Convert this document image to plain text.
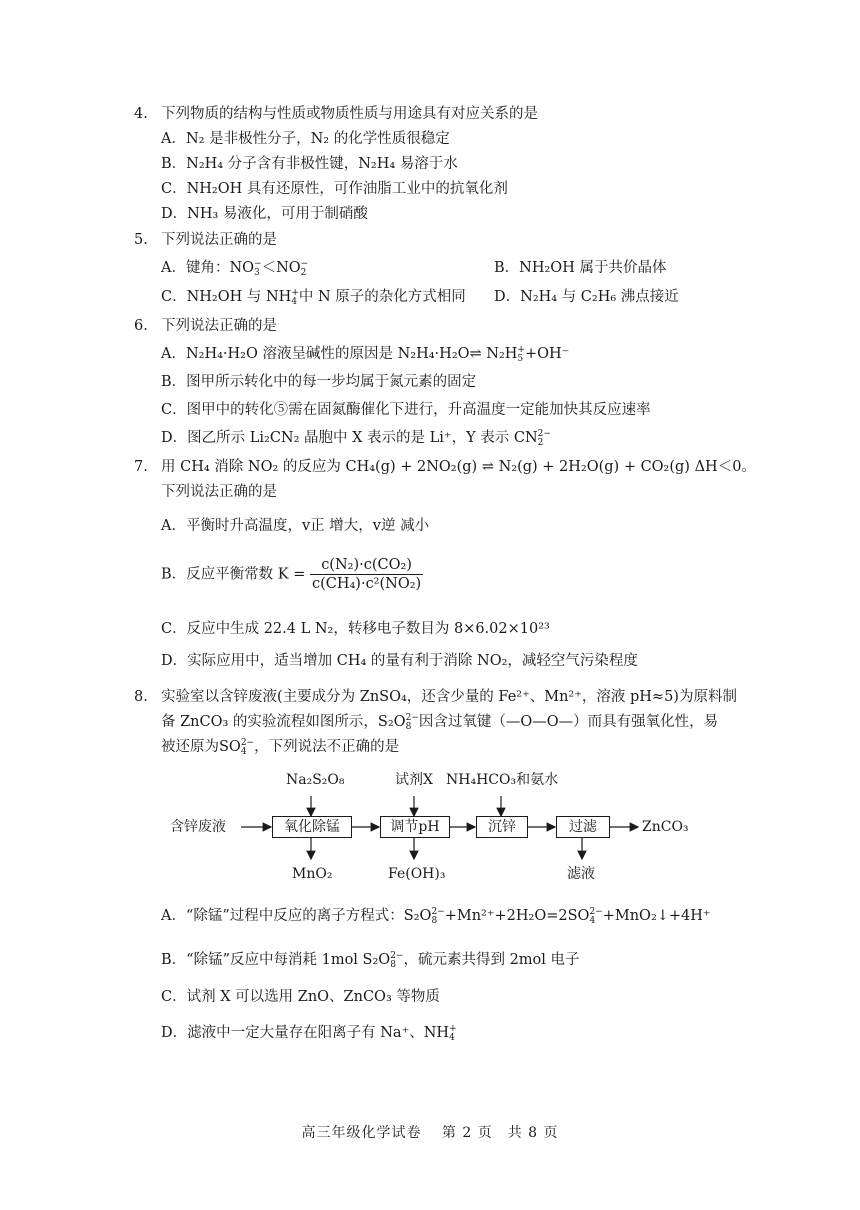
4. 下列物质的结构与性质或物质性质与用途具有对应关系的是
A．N₂ 是非极性分子，N₂ 的化学性质很稳定
B．N₂H₄ 分子含有非极性键，N₂H₄ 易溶于水
C．NH₂OH 具有还原性，可作油脂工业中的抗氧化剂
D．NH₃ 易液化，可用于制硝酸
5. 下列说法正确的是
A．键角：NO −
3 ＜NO −
2	B．NH₂OH 属于共价晶体
C．NH₂OH 与 NH +
4 中 N 原子的杂化方式相同 D．N₂H₄ 与 C₂H₆ 沸点接近
6. 下列说法正确的是
A．N₂H₄·H₂O 溶液呈碱性的原因是 N₂H₄·H₂O⇌ N₂H +
5 +OH⁻
B．图甲所示转化中的每一步均属于氮元素的固定
C．图甲中的转化⑤需在固氮酶催化下进行，升高温度一定能加快其反应速率
D．图乙所示 Li₂CN₂ 晶胞中 X 表示的是 Li⁺，Y 表示 CN 2−
2
7. 用 CH₄ 消除 NO₂ 的反应为 CH₄(g) + 2NO₂(g) ⇌ N₂(g) + 2H₂O(g) + CO₂(g) ΔH＜0。
下列说法正确的是
A．平衡时升高温度，v正 增大，v逆 减小
B．反应平衡常数 $K = \frac{\text{c(N₂)·c(CO₂)}}{\text{c(CH₄)·c²(NO₂)}}$
C．反应中生成 22.4 L N₂，转移电子数目为 8×6.02×10²³
D．实际应用中，适当增加 CH₄ 的量有利于消除 NO₂，减轻空气污染程度
8. 实验室以含锌废液(主要成分为 ZnSO₄，还含少量的 Fe²⁺、Mn²⁺，溶液 pH≈5)为原料制
备 ZnCO₃ 的实验流程如图所示，S₂O 2−
8 因含过氧键（—O—O—）而具有强氧化性，易
被还原为SO 2−
4 ，下列说法不正确的是
含锌废液	氧化除锰	调节pH	沉锌	过滤	ZnCO₃
Na₂S₂O₈	试剂X NH₄HCO₃和氨水
MnO₂	Fe(OH)₃	滤液
A．“除锰”过程中反应的离子方程式：S₂O 2−
8 +Mn²⁺+2H₂O=2SO 2−
4 +MnO₂↓+4H⁺
B．“除锰”反应中每消耗 1mol S₂O 2−
8 ，硫元素共得到 2mol 电子
C．试剂 X 可以选用 ZnO、ZnCO₃ 等物质
D．滤液中一定大量存在阳离子有 Na⁺、NH +
4
高三年级化学试卷　 第 2 页　共 8 页
